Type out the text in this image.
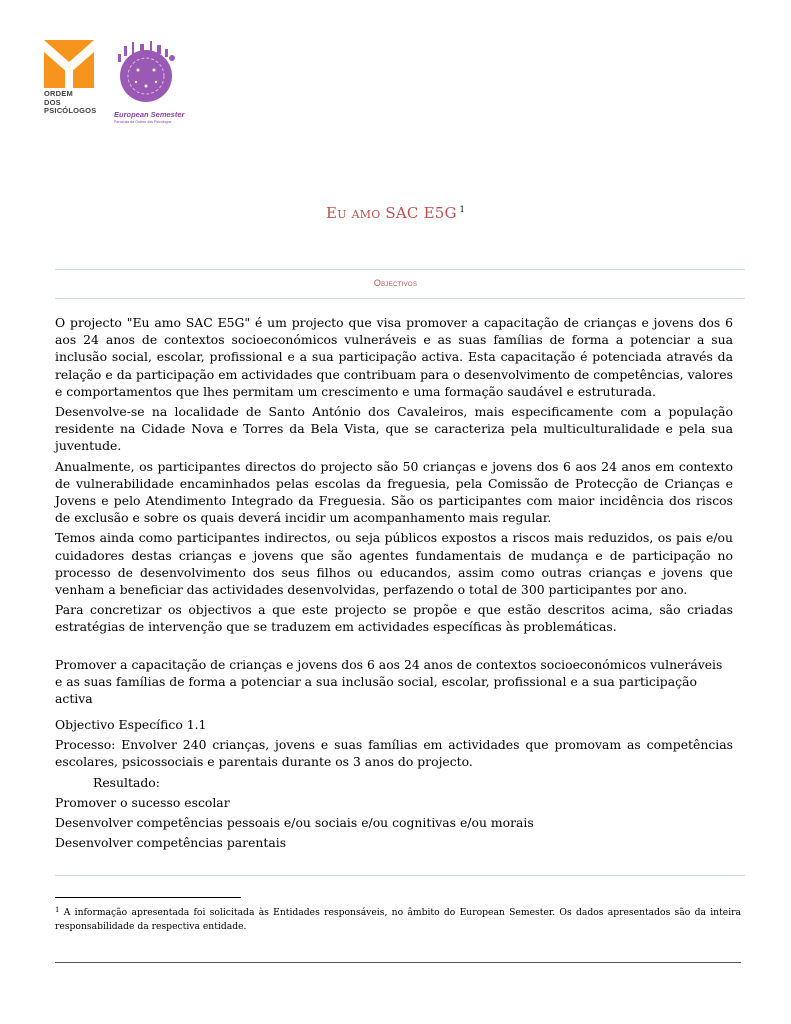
ORDEM
DOS
PSICÓLOGOS	European Semester
Parcerias da Ordem dos Psicólogos
Eu amo SAC E5G $^1$
Objectivos

O projecto "Eu amo SAC E5G" é um projecto que visa promover a capacitação de crianças e jovens dos 6 aos 24 anos de contextos socioeconómicos vulneráveis e as suas famílias de forma a potenciar a sua inclusão social, escolar, profissional e a sua participação activa. Esta capacitação é potenciada através da relação e da participação em actividades que contribuam para o desenvolvimento de competências, valores e comportamentos que lhes permitam um crescimento e uma formação saudável e estruturada.

Desenvolve-se na localidade de Santo António dos Cavaleiros, mais especificamente com a população residente na Cidade Nova e Torres da Bela Vista, que se caracteriza pela multiculturalidade e pela sua juventude.

Anualmente, os participantes directos do projecto são 50 crianças e jovens dos 6 aos 24 anos em contexto de vulnerabilidade encaminhados pelas escolas da freguesia, pela Comissão de Protecção de Crianças e Jovens e pelo Atendimento Integrado da Freguesia. São os participantes com maior incidência dos riscos de exclusão e sobre os quais deverá incidir um acompanhamento mais regular.

Temos ainda como participantes indirectos, ou seja públicos expostos a riscos mais reduzidos, os pais e/ou cuidadores destas crianças e jovens que são agentes fundamentais de mudança e de participação no processo de desenvolvimento dos seus filhos ou educandos, assim como outras crianças e jovens que venham a beneficiar das actividades desenvolvidas, perfazendo o total de 300 participantes por ano.

Para concretizar os objectivos a que este projecto se propõe e que estão descritos acima, são criadas estratégias de intervenção que se traduzem em actividades específicas às problemáticas.

Promover a capacitação de crianças e jovens dos 6 aos 24 anos de contextos socioeconómicos vulneráveis e as suas famílias de forma a potenciar a sua inclusão social, escolar, profissional e a sua participação activa

Objectivo Específico 1.1

Processo: Envolver 240 crianças, jovens e suas famílias em actividades que promovam as competências escolares, psicossociais e parentais durante os 3 anos do projecto.

Resultado:

Promover o sucesso escolar

Desenvolver competências pessoais e/ou sociais e/ou cognitivas e/ou morais

Desenvolver competências parentais

$^1$ A informação apresentada foi solicitada às Entidades responsáveis, no âmbito do European Semester. Os dados apresentados são da inteira responsabilidade da respectiva entidade.
